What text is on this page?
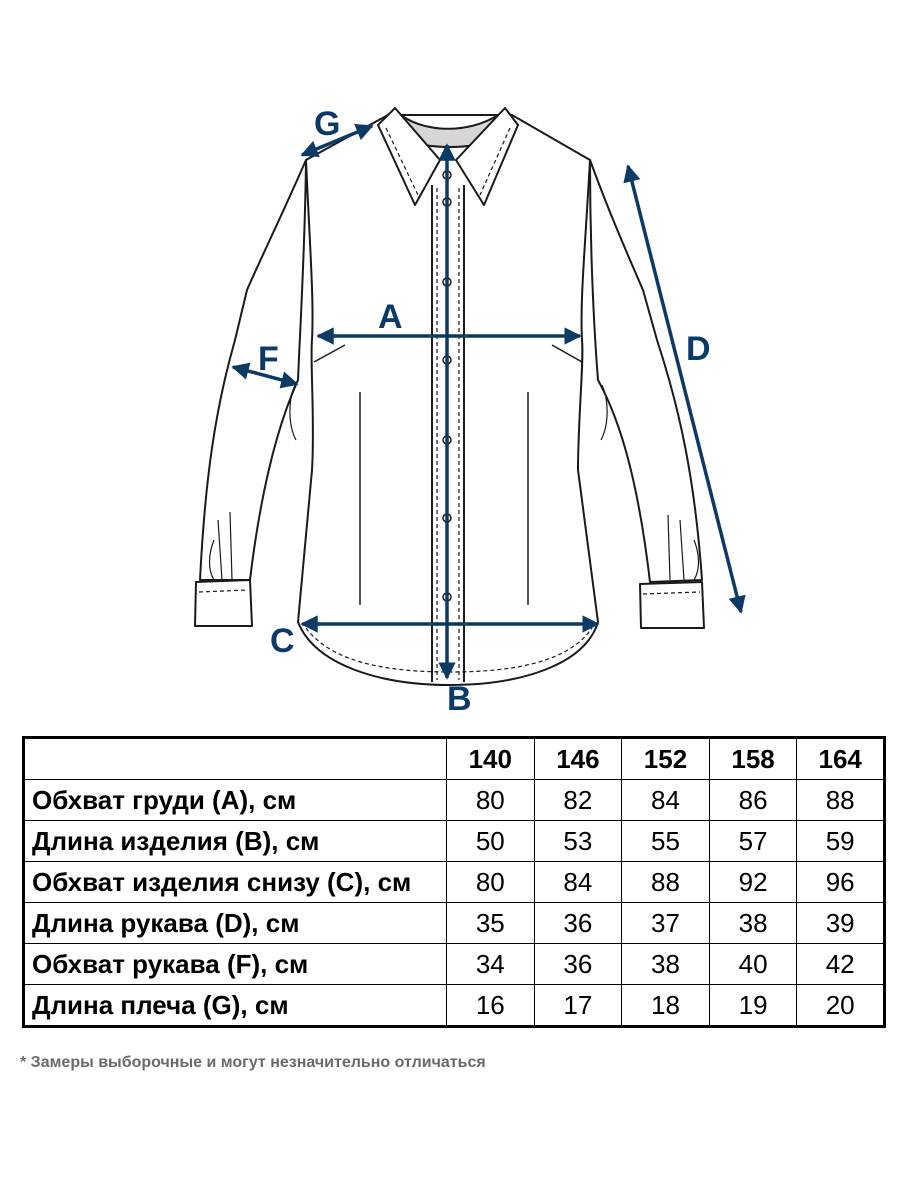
A
B
C
D
F
G
	140	146	152	158	164
Обхват груди (A), см	80	82	84	86	88
Длина изделия (B), см	50	53	55	57	59
Обхват изделия снизу (C), см	80	84	88	92	96
Длина рукава (D), см	35	36	37	38	39
Обхват рукава (F), см	34	36	38	40	42
Длина плеча (G), см	16	17	18	19	20
* Замеры выборочные и могут незначительно отличаться
